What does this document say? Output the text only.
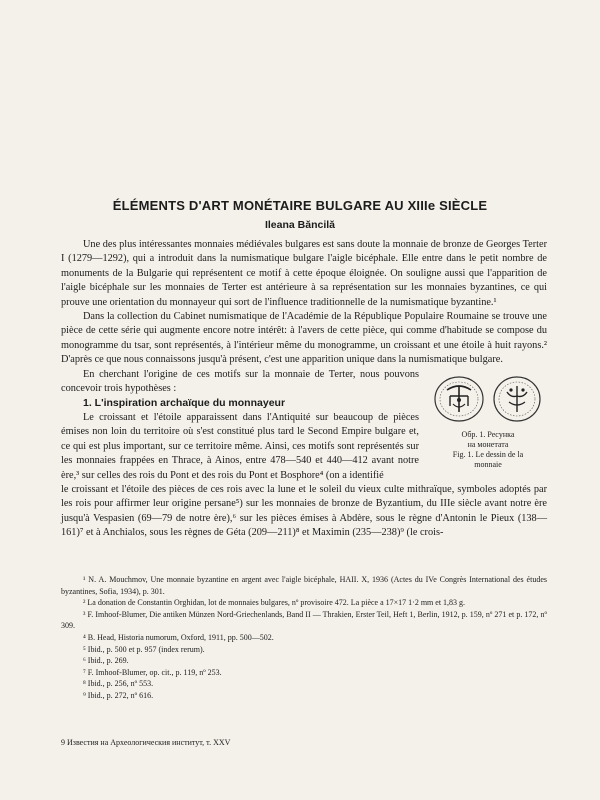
ÉLÉMENTS D'ART MONÉTAIRE BULGARE AU XIIIe SIÈCLE
Ileana Băncilă

Une des plus intéressantes monnaies médiévales bulgares est sans doute la monnaie de bronze de Georges Terter I (1279—1292), qui a introduit dans la numismatique bulgare l'aigle bicéphale. Elle entre dans le petit nombre de monuments de la Bulgarie qui représentent ce motif à cette époque éloignée. On souligne aussi que l'apparition de l'aigle bicéphale sur les monnaies de Terter est antérieure à sa représentation sur les monnaies byzantines, ce qui prouve une orientation du monnayeur qui sort de l'influence traditionnelle de la numismatique byzantine.¹

Dans la collection du Cabinet numismatique de l'Académie de la République Populaire Roumaine se trouve une pièce de cette série qui augmente encore notre intérêt: à l'avers de cette pièce, qui comme d'habitude se compose du monogramme du tsar, sont représentés, à l'intérieur même du monogramme, un croissant et une étoile à huit rayons.² D'après ce que nous connaissons jusqu'à présent, c'est une apparition unique dans la numismatique bulgare.

En cherchant l'origine de ces motifs sur la monnaie de Terter, nous pouvons concevoir trois hypothèses :

1. L'inspiration archaïque du monnayeur

Le croissant et l'étoile apparaissent dans l'Antiquité sur beaucoup de pièces émises non loin du territoire où s'est constitué plus tard le Second Empire bulgare et, ce qui est plus important, sur ce territoire même. Ainsi, ces motifs sont représentés sur les monnaies frappées en Thrace, à Ainos, entre 478—540 et 440—412 avant notre ère,³ sur celles des rois du Pont et des rois du Pont et Bosphore⁴ (on a identifié

Обр. 1. Реcунка
на монетата
Fig. 1. Le dessin de la
monnaie

le croissant et l'étoile des pièces de ces rois avec la lune et le soleil du vieux culte mithraïque, symboles adoptés par les rois pour affirmer leur origine persane⁵) sur les monnaies de bronze de Byzantium, du IIIe siècle avant notre ère jusqu'à Vespasien (69—79 de notre ère),⁶ sur les pièces émises à Abdère, sous le règne d'Antonin le Pieux (138—161)⁷ et à Anchialos, sous les règnes de Géta (209—211)⁸ et Maximin (235—238)⁹ (le crois-

¹ N. A. Mouchmov, Une monnaie byzantine en argent avec l'aigle bicéphale, HAII. X, 1936 (Actes du IVe Congrès International des études byzantines, Sofia, 1934), p. 301.

² La donation de Constantin Orghidan, lot de monnaies bulgares, nº provisoire 472. La pièce a 17×17 1·2 mm et 1,83 g.

³ F. Imhoof-Blumer, Die antiken Münzen Nord-Griechenlands, Band II — Thrakien, Erster Teil, Heft 1, Berlin, 1912, p. 159, nº 271 et p. 172, nº 309.

⁴ B. Head, Historia numorum, Oxford, 1911, pp. 500—502.

⁵ Ibid., p. 500 et p. 957 (index rerum).

⁶ Ibid., p. 269.

⁷ F. Imhoof-Blumer, op. cit., p. 119, nº 253.

⁸ Ibid., p. 256, nº 553.

⁹ Ibid., p. 272, nº 616.

9 Известия на Археологическия институт, т. XXV
